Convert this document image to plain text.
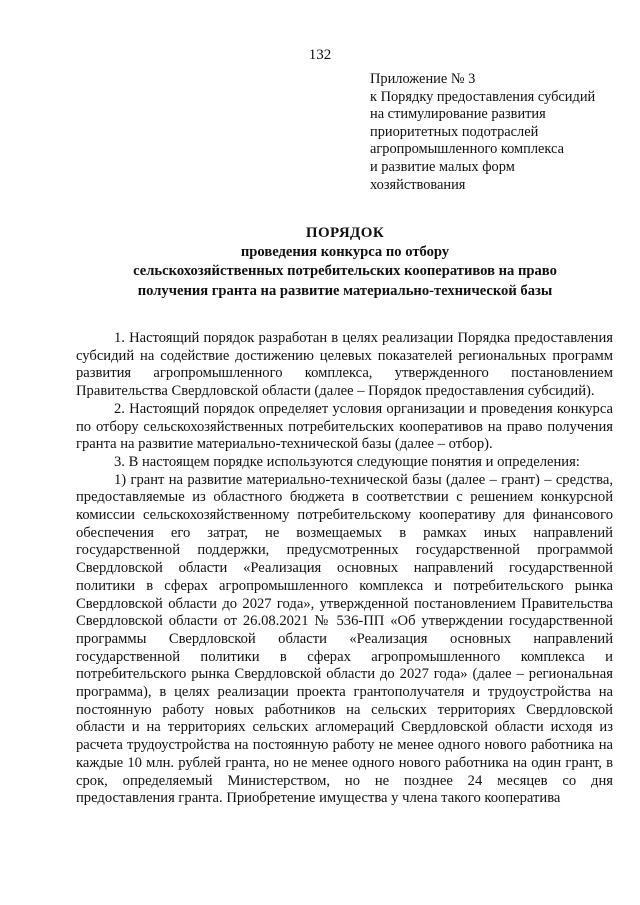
132
Приложение № 3
к Порядку предоставления субсидий
на стимулирование развития
приоритетных подотраслей
агропромышленного комплекса
и развитие малых форм
хозяйствования
ПОРЯДОК
проведения конкурса по отбору
сельскохозяйственных потребительских кооперативов на право
получения гранта на развитие материально-технической базы

1. Настоящий порядок разработан в целях реализации Порядка предоставления субсидий на содействие достижению целевых показателей региональных программ развития агропромышленного комплекса, утвержденного постановлением Правительства Свердловской области (далее – Порядок предоставления субсидий).

2. Настоящий порядок определяет условия организации и проведения конкурса по отбору сельскохозяйственных потребительских кооперативов на право получения гранта на развитие материально-технической базы (далее – отбор).

3. В настоящем порядке используются следующие понятия и определения:

1) грант на развитие материально-технической базы (далее – грант) – средства, предоставляемые из областного бюджета в соответствии с решением конкурсной комиссии сельскохозяйственному потребительскому кооперативу для финансового обеспечения его затрат, не возмещаемых в рамках иных направлений государственной поддержки, предусмотренных государственной программой Свердловской области «Реализация основных направлений государственной политики в сферах агропромышленного комплекса и потребительского рынка Свердловской области до 2027 года», утвержденной постановлением Правительства Свердловской области от 26.08.2021 № 536-ПП «Об утверждении государственной программы Свердловской области «Реализация основных направлений государственной политики в сферах агропромышленного комплекса и потребительского рынка Свердловской области до 2027 года» (далее – региональная программа), в целях реализации проекта грантополучателя и трудоустройства на постоянную работу новых работников на сельских территориях Свердловской области и на территориях сельских агломераций Свердловской области исходя из расчета трудоустройства на постоянную работу не менее одного нового работника на каждые 10 млн. рублей гранта, но не менее одного нового работника на один грант, в срок, определяемый Министерством, но не позднее 24 месяцев со дня предоставления гранта. Приобретение имущества у члена такого кооператива
